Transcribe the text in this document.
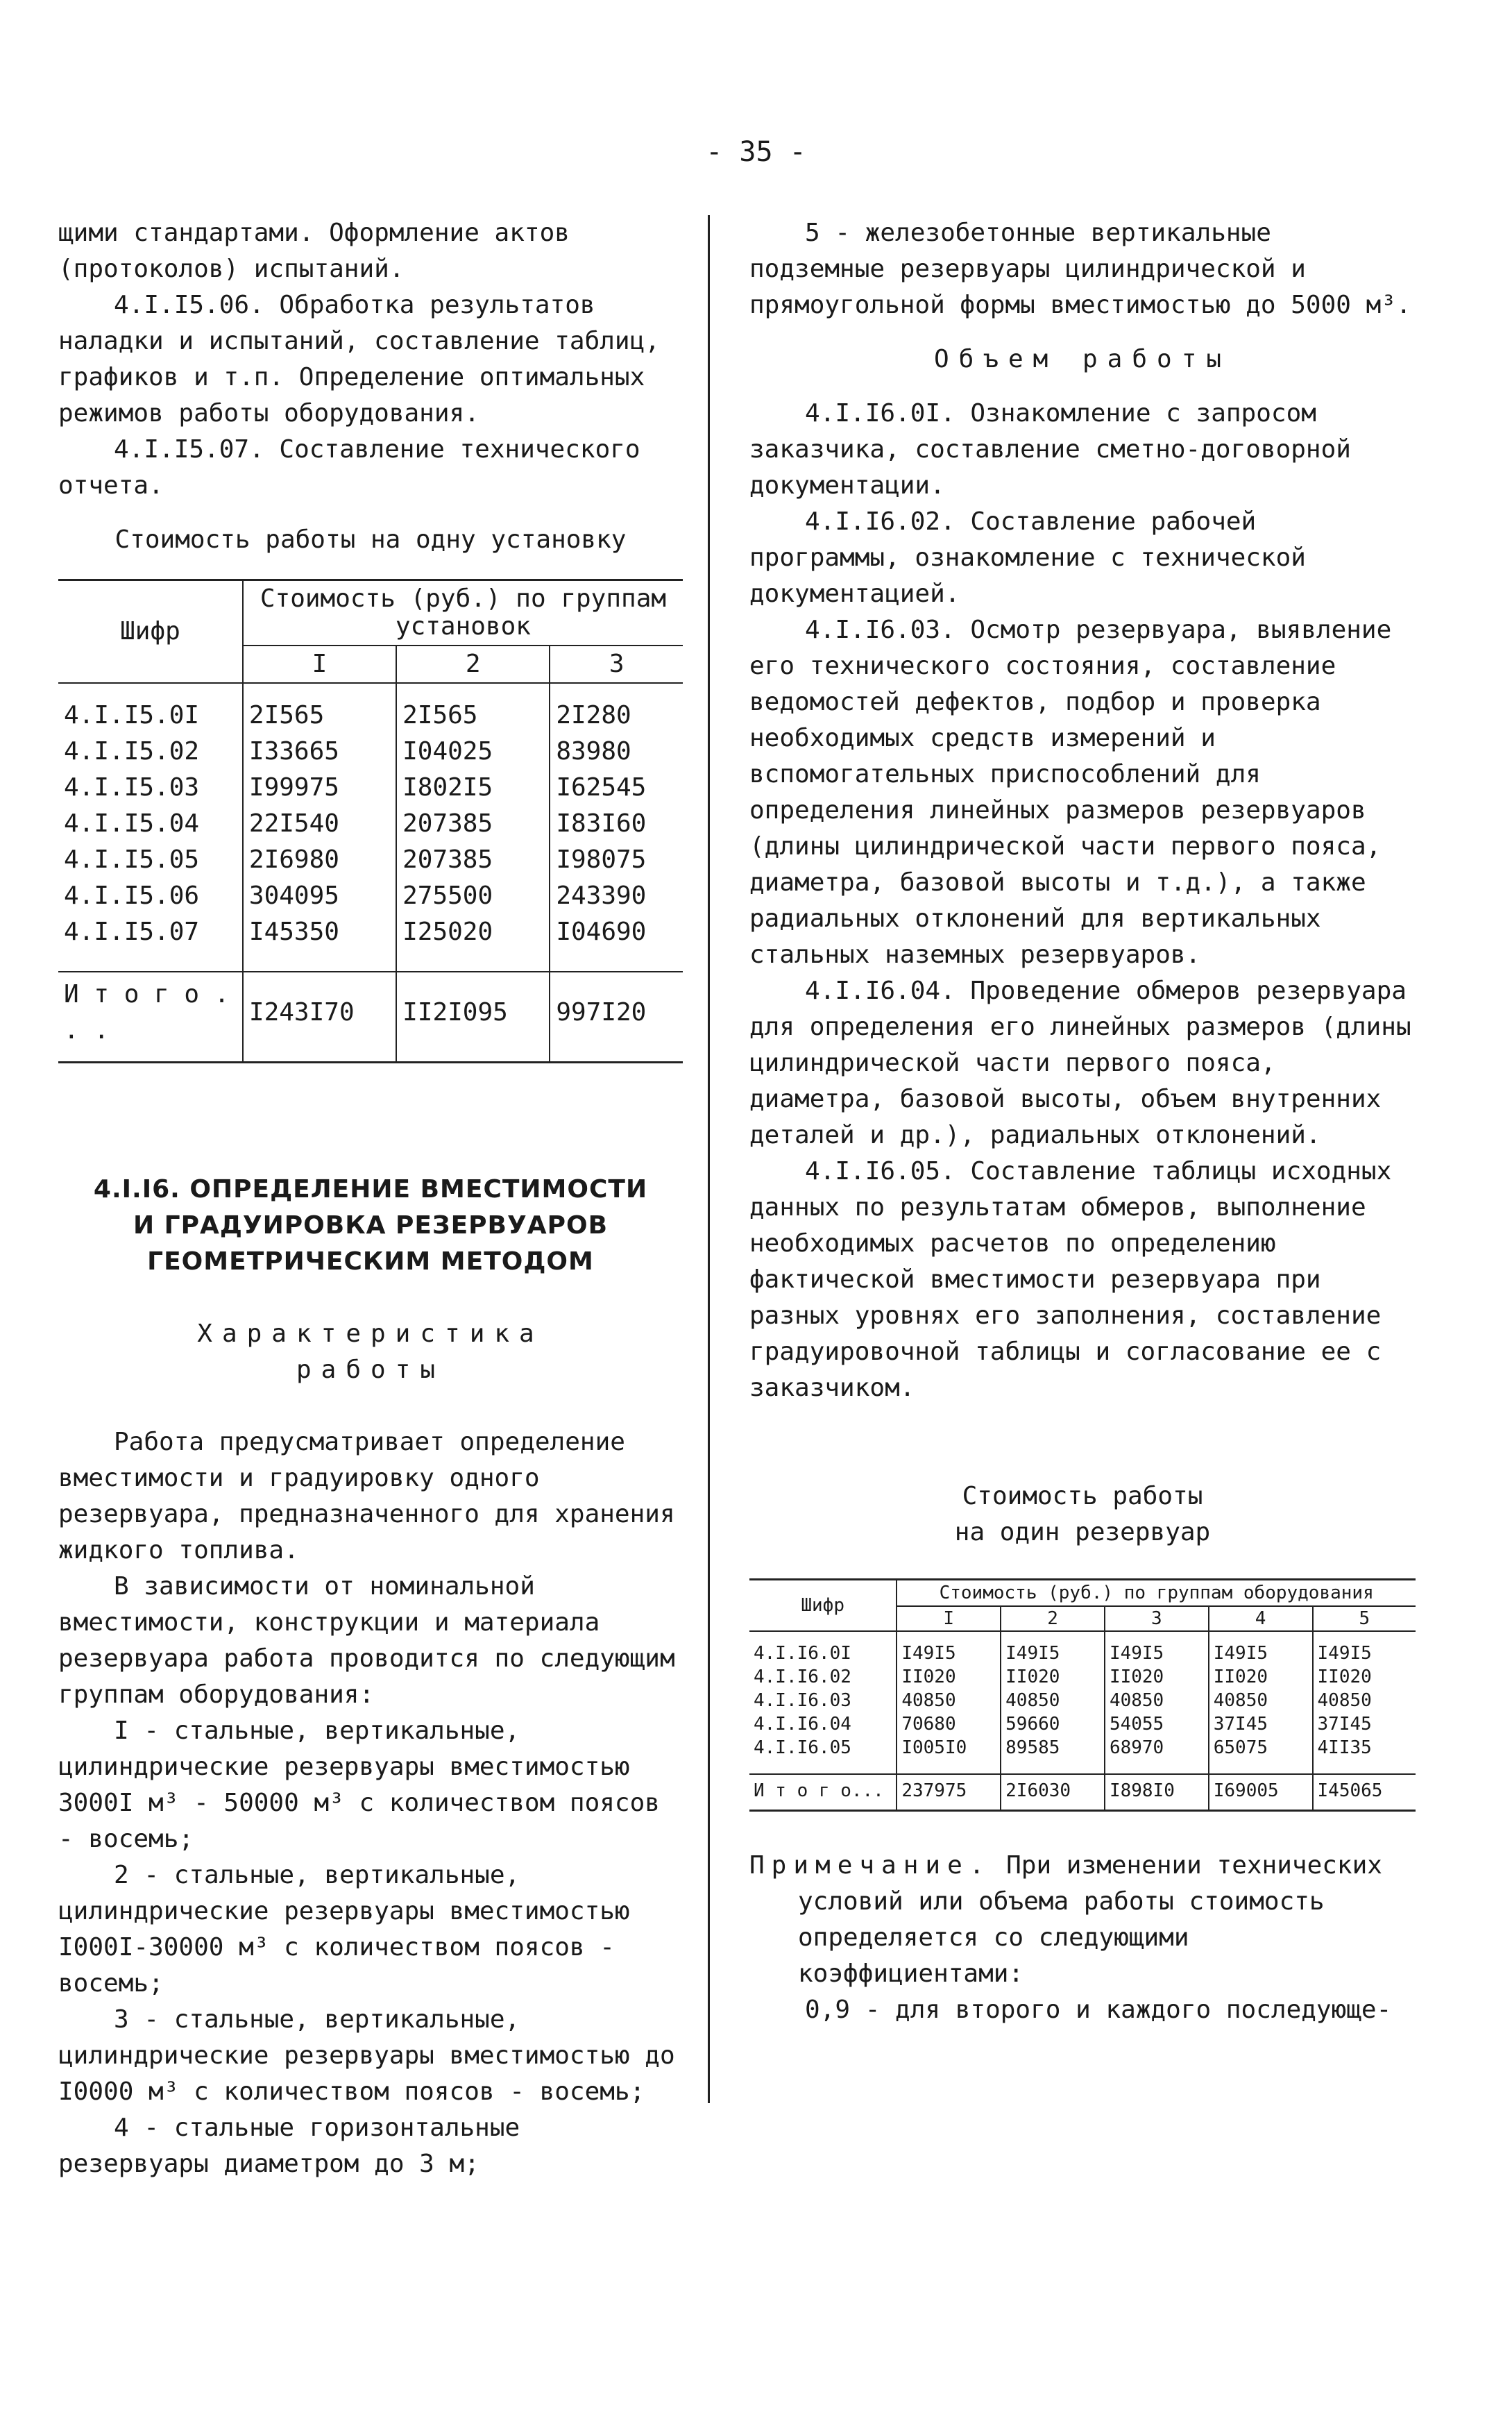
- 35 -

щими стандартами. Оформление актов (протоколов) испытаний.

4.I.I5.06. Обработка результатов наладки и испытаний, составление таблиц, графиков и т.п. Определение оптимальных режимов работы оборудования.

4.I.I5.07. Составление технического отчета.

Стоимость работы на одну установку

Шифр	Стоимость (руб.) по группам установок		
	I	2	3

4.I.I5.0I	2I565	2I565	2I280
4.I.I5.02	I33665	I04025	83980
4.I.I5.03	I99975	I802I5	I62545
4.I.I5.04	22I540	207385	I83I60
4.I.I5.05	2I6980	207385	I98075
4.I.I5.06	304095	275500	243390
4.I.I5.07	I45350	I25020	I04690

И т о г о . . .	I243I70	II2I095	997I20
4.I.I6. ОПРЕДЕЛЕНИЕ ВМЕСТИМОСТИ
И ГРАДУИРОВКА РЕЗЕРВУАРОВ
ГЕОМЕТРИЧЕСКИМ МЕТОДОМ
Характеристика
работы

Работа предусматривает определение вместимости и градуировку одного резервуара, предназначенного для хранения жидкого топлива.

В зависимости от номинальной вместимости, конструкции и материала резервуара работа проводится по следующим группам оборудования:

I - стальные, вертикальные, цилиндрические резервуары вместимостью 3000I м³ - 50000 м³ с количеством поясов - восемь;

2 - стальные, вертикальные, цилиндрические резервуары вместимостью I000I-30000 м³ с количеством поясов - восемь;

3 - стальные, вертикальные, цилиндрические резервуары вместимостью до I0000 м³ с количеством поясов - восемь;

4 - стальные горизонтальные резервуары диаметром до 3 м;

5 - железобетонные вертикальные подземные резервуары цилиндрической и прямоугольной формы вместимостью до 5000 м³.

Объем работы

4.I.I6.0I. Ознакомление с запросом заказчика, составление сметно-договорной документации.

4.I.I6.02. Составление рабочей программы, ознакомление с технической документацией.

4.I.I6.03. Осмотр резервуара, выявление его технического состояния, составление ведомостей дефектов, подбор и проверка необходимых средств измерений и вспомогательных приспособлений для определения линейных размеров резервуаров (длины цилиндрической части первого пояса, диаметра, базовой высоты и т.д.), а также радиальных отклонений для вертикальных стальных наземных резервуаров.

4.I.I6.04. Проведение обмеров резервуара для определения его линейных размеров (длины цилиндрической части первого пояса, диаметра, базовой высоты, объем внутренних деталей и др.), радиальных отклонений.

4.I.I6.05. Составление таблицы исходных данных по результатам обмеров, выполнение необходимых расчетов по определению фактической вместимости резервуара при разных уровнях его заполнения, составление градуировочной таблицы и согласование ее с заказчиком.

Стоимость работы
на один резервуар
Шифр	Стоимость (руб.) по группам оборудования				
	I	2	3	4	5

4.I.I6.0I	I49I5	I49I5	I49I5	I49I5	I49I5
4.I.I6.02	II020	II020	II020	II020	II020
4.I.I6.03	40850	40850	40850	40850	40850
4.I.I6.04	70680	59660	54055	37I45	37I45
4.I.I6.05	I005I0	89585	68970	65075	4II35

И т о г о...	237975	2I6030	I898I0	I69005	I45065

Примечание. При изменении технических условий или объема работы стоимость определяется со следующими коэффициентами:

0,9 - для второго и каждого последующе-
